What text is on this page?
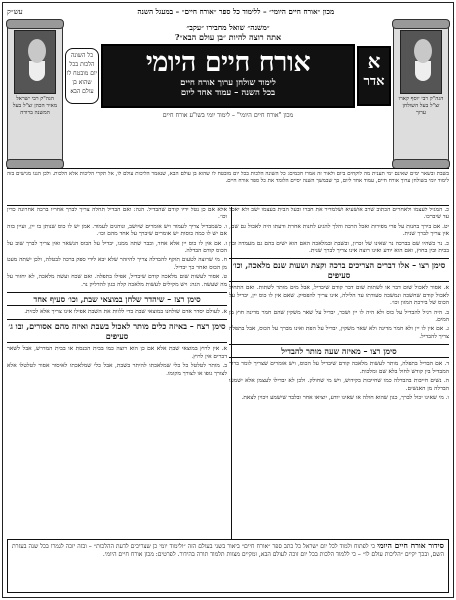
מכון ״אורח חיים היומי״ – ללימוד כל ספר ״אורח חיים״ – במעגל השנה
עש״ק
הגה"ק רבי יוסף קארו זצ"ל בעל השולחן ערוך
הגה"ק רבי ישראל מאיר הכהן זצ"ל בעל המשנה ברורה
״משנה״ שואל מחבירו ״עקב״
אתה רוצה להיות ״בן עולם הבא״?
א
אדר
אורח חיים היומי
לימוד שולחן ערוך אורח חיים
בכל השנה – עמוד אחד ליום
כל השונה הלכות בכל יום מובטח לו שהוא בן עולם הבא
מכון "אורח חיים היומי" – לימוד יומי בשו"ע אורח חיים
בשבת ובשאר ימים שאינם ימי תענית מה לוקחים ביום ולאור זה אמרו חכמים: כל השונה הלכות בכל יום מובטח לו שהוא בן עולם הבא, שנאמר הליכות עולם לו, אל תקרי הליכות אלא הלכות. ולכן הננו מגישים בזה לימוד יומי בשולחן ערוך אורח חיים, עמוד אחד ליום, כך שבמשך השנה יסיים הלומד את כל ספר אורח חיים.

כ. המגיל לעצמו ולאחרים הכתוב שרב אושעיא ושלמדיר את חברו ובעל הבית בעצמו ישב ולא יאכל עד שיברכו.

יט. אם בירך בחנות על פרי מפירות ואכל הרבה והלך להגיע לחנות אחרת ודעתו היה לאכול גם שם, אין צריך לברך שנית.

כ. נר כשהיו שם בברכה נר שאינו של זכרון, ובשבת ובמלאכה האם הוא ישים בהם גם מעמדה ובין בבית ובין בחוץ, ואם הוא יודע ואינו רוצה אינו צריך לברך שנית.

סימן רצו – אלו דברים הצריכים ברכה וקצת ושעות שנם מלאכה, וכו׳ סעיפים

א. אסור לאכול שום דבר או לשתות שום דבר קודם שיבדיל, אבל מים מותר לשתות. ואם התחיל לאכול קודם שחשכה ונמשכה סעודתו עד הלילה, אינו צריך להפסיק. שאם אין לו כוס יין, יבדיל על הכוס של בירכת המזון וכו׳.

ב. היה רגיל להבדיל על כוס ולא היה לו יין ושכר, יבדיל על שאר משקין שהם חמר מדינה חוץ מן המים.

ג. אם אין לו יין ולא חמר מדינה ולא שאר משקין, יבדיל על הפת ואינו מברך על הכוס, אבל בתפלה צריך להבדיל.

סימן רצו – מאיזה שעה מותר להבדיל

ד. אם הבדיל בתפלה, מותר לעשות מלאכה קודם שיבדיל על הכוס, ויש אומרים שצריך לומר ברוך המבדיל בין קודש לחול בלא שם ומלכות.

ה. נשים חייבות בהבדלה כמו שחייבות בקידוש, ויש מי שחולק. ולכן לא יבדילו לעצמן אלא ישמעו הבדלה מן האנשים.

ו. מי שאינו יכול לברך, כגון שהוא חולה או שאינו יודע, יוציאו אחר ובלבד שישמע ויכוין לצאת.

אלא אם כן נטל ידיו קודם שהבדיל. הגה: ואם הבדיל תחלה צריך לברך אחריו ברכה אחרונה כדין וכו׳.

ו. כשמבדיל צריך לעמוד ויש אומרים שיושב, ונוהגים לעמוד. אמן יש לו כוס שנותן בו יין, ועיין בזה אם יש לו כמה כוסות יש אומרים שיברך על אחד מהם וכו׳.

ז. אם אין לו כוס יין אלא אחד, וכבר שתה ממנו, יבדיל על הכוס הנשאר ואין צריך לברך שוב על הכוס קודם הבדלה.

ח. מי שרוצה לטעום תוקף להבדלה צריך להיזהר שלא יבא לידי ספק ברכה לבטלה, ולכן ישתה מעט מן הכוס ואחר כך יבדיל.

ט. אסור לעשות שום מלאכה קודם שיבדיל, אפילו בתפלה. ואם שכח ועשה מלאכה, לא יחזור על מה שעשה. הגה: ויש מקילים לעשות מלאכה קלה כגון להדליק נר.

סימן רצז – שיהדר שלחן במוצאי שבת, וכו׳ סעיף אחד

א. לעולם יסדר אדם שולחנו במוצאי שבת כדי ללוות את השבת אפילו אינו צריך אלא לכזית.

סימן רצח – באיזה כלים מותר לאכול בשבת ואיזה מהם אסורים, ובו ג׳ סעיפים

א. אין לרוץ במוצאי שבת אלא אם כן הוא רוצה כמו בבית הכנסת או בבית המדרש, אבל לשאר דברים אין לרוץ.

ב. מותר לטלטל כל כלי שמלאכתו להיתר בשבת, אבל כלי שמלאכתו לאיסור אסור לטלטלו אלא לצורך גופו או לצורך מקומו.

סידור אורח חיים היומי כי לפתוח ולמוד לכל יום ישראל כל כתב ספר ״אורח חיים״ ביאור בשני בעולם הזה ״ולימוד יומי כן שצריכים לדעת ההלכות״ – ובזה יזכה לגמרו בכל שנה בעזרת השם, ובכך יקיים ״הליכות עולם לו״ – כי ללמוד הלכות בכל יום זוכה לעולם הבא, ומקיים מצוות תלמוד תורה בהידור. לפרטים: מכון אורח חיים היומי.
